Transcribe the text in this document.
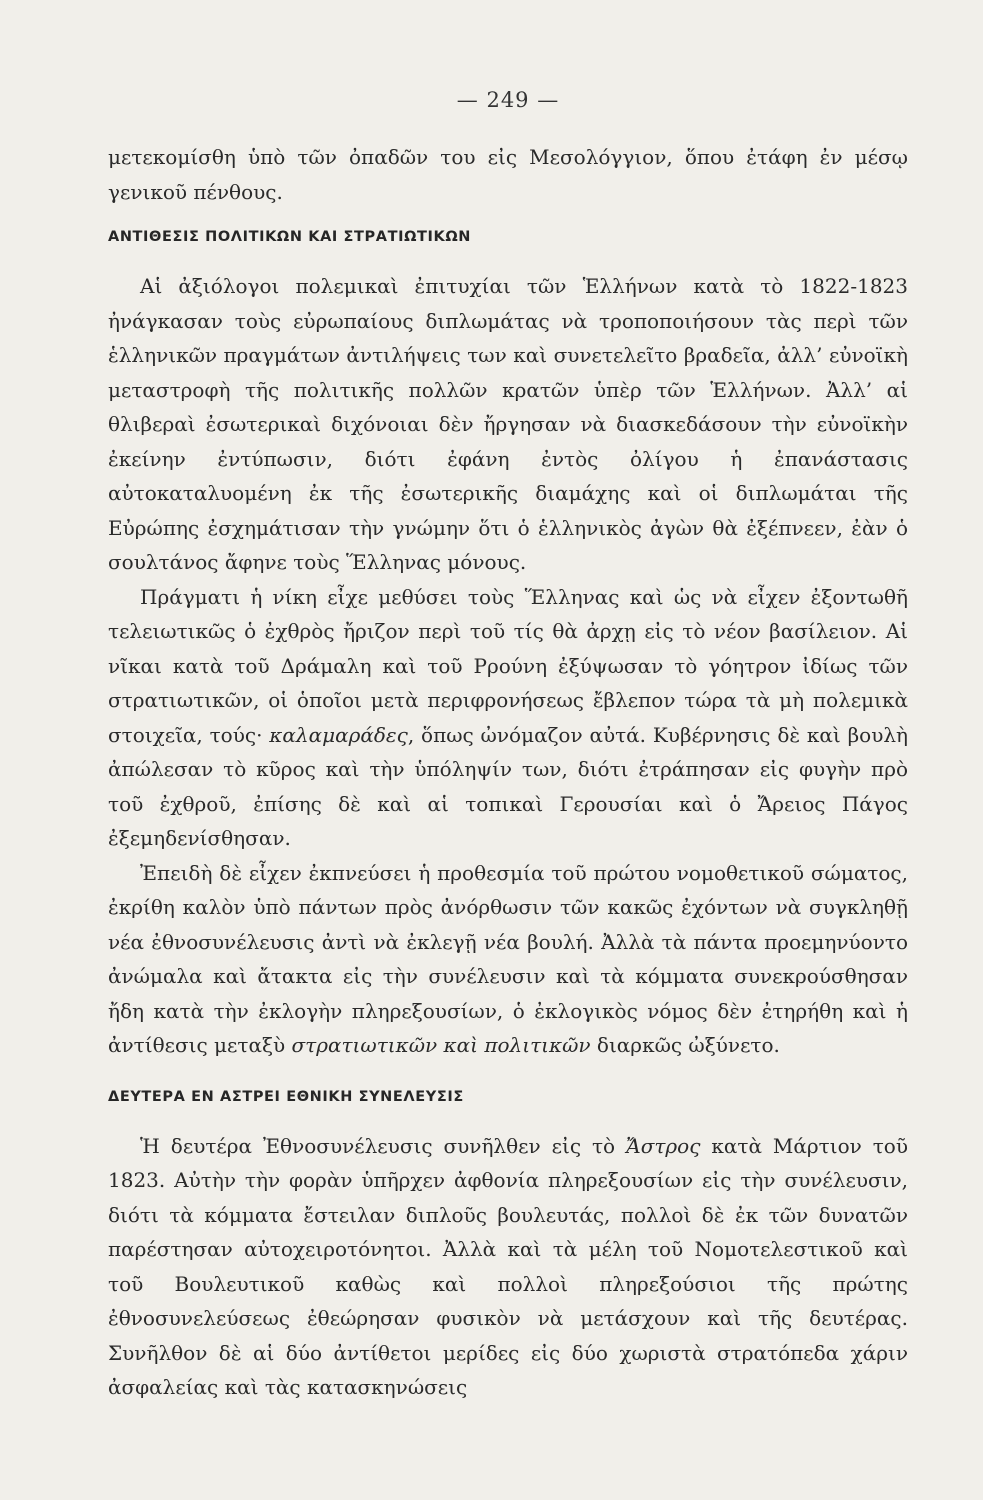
— 249 —

μετεκομίσθη ὑπὸ τῶν ὀπαδῶν του εἰς Μεσολόγγιον, ὅπου ἐτάφη ἐν μέσῳ γενικοῦ πένθους.

ΑΝΤΙΘΕΣΙΣ ΠΟΛΙΤΙΚΩΝ ΚΑΙ ΣΤΡΑΤΙΩΤΙΚΩΝ

Αἱ ἀξιόλογοι πολεμικαὶ ἐπιτυχίαι τῶν Ἑλλήνων κατὰ τὸ 1822-1823 ἠνάγκασαν τοὺς εὐρωπαίους διπλωμάτας νὰ τροποποιήσουν τὰς περὶ τῶν ἑλληνικῶν πραγμάτων ἀντιλήψεις των καὶ συνετελεῖτο βραδεῖα, ἀλλ’ εὐνοϊκὴ μεταστροφὴ τῆς πολιτικῆς πολλῶν κρατῶν ὑπὲρ τῶν Ἑλλήνων. Ἀλλ’ αἱ θλιβεραὶ ἐσωτερικαὶ διχόνοιαι δὲν ἤργησαν νὰ διασκεδάσουν τὴν εὐνοϊκὴν ἐκείνην ἐντύπωσιν, διότι ἐφάνη ἐντὸς ὀλίγου ἡ ἐπανάστασις αὐτοκαταλυομένη ἐκ τῆς ἐσωτερικῆς διαμάχης καὶ οἱ διπλωμάται τῆς Εὐρώπης ἐσχημάτισαν τὴν γνώμην ὅτι ὁ ἑλληνικὸς ἀγὼν θὰ ἐξέπνεεν, ἐὰν ὁ σουλτάνος ἄφηνε τοὺς Ἕλληνας μόνους.

Πράγματι ἡ νίκη εἶχε μεθύσει τοὺς Ἕλληνας καὶ ὡς νὰ εἶχεν ἐξοντωθῆ τελειωτικῶς ὁ ἐχθρὸς ἤριζον περὶ τοῦ τίς θὰ ἀρχῃ εἰς τὸ νέον βασίλειον. Αἱ νῖκαι κατὰ τοῦ Δράμαλη καὶ τοῦ Ρρούνη ἐξύψωσαν τὸ γόητρον ἰδίως τῶν στρατιωτικῶν, οἱ ὁποῖοι μετὰ περιφρονήσεως ἔβλεπον τώρα τὰ μὴ πολεμικὰ στοιχεῖα, τούς· καλαμαράδες, ὅπως ὠνόμαζον αὐτά. Κυβέρνησις δὲ καὶ βουλὴ ἀπώλεσαν τὸ κῦρος καὶ τὴν ὑπόληψίν των, διότι ἐτράπησαν εἰς φυγὴν πρὸ τοῦ ἐχθροῦ, ἐπίσης δὲ καὶ αἱ τοπικαὶ Γερουσίαι καὶ ὁ Ἄρειος Πάγος ἐξεμηδενίσθησαν.

Ἐπειδὴ δὲ εἶχεν ἐκπνεύσει ἡ προθεσμία τοῦ πρώτου νομοθετικοῦ σώματος, ἐκρίθη καλὸν ὑπὸ πάντων πρὸς ἀνόρθωσιν τῶν κακῶς ἐχόντων νὰ συγκληθῇ νέα ἐθνοσυνέλευσις ἀντὶ νὰ ἐκλεγῇ νέα βουλή. Ἀλλὰ τὰ πάντα προεμηνύοντο ἀνώμαλα καὶ ἄτακτα εἰς τὴν συνέλευσιν καὶ τὰ κόμματα συνεκρούσθησαν ἤδη κατὰ τὴν ἐκλογὴν πληρεξουσίων, ὁ ἐκλογικὸς νόμος δὲν ἐτηρήθη καὶ ἡ ἀντίθεσις μεταξὺ στρατιωτικῶν καὶ πολιτικῶν διαρκῶς ὠξύνετο.

ΔΕΥΤΕΡΑ ΕΝ ΑΣΤΡΕΙ ΕΘΝΙΚΗ ΣΥΝΕΛΕΥΣΙΣ

Ἡ δευτέρα Ἐθνοσυνέλευσις συνῆλθεν εἰς τὸ Ἄστρος κατὰ Μάρτιον τοῦ 1823. Αὐτὴν τὴν φορὰν ὑπῆρχεν ἀφθονία πληρεξουσίων εἰς τὴν συνέλευσιν, διότι τὰ κόμματα ἔστειλαν διπλοῦς βουλευτάς, πολλοὶ δὲ ἐκ τῶν δυνατῶν παρέστησαν αὐτοχειροτόνητοι. Ἀλλὰ καὶ τὰ μέλη τοῦ Νομοτελεστικοῦ καὶ τοῦ Βουλευτικοῦ καθὼς καὶ πολλοὶ πληρεξούσιοι τῆς πρώτης ἐθνοσυνελεύσεως ἐθεώρησαν φυσικὸν νὰ μετάσχουν καὶ τῆς δευτέρας. Συνῆλθον δὲ αἱ δύο ἀντίθετοι μερίδες εἰς δύο χωριστὰ στρατόπεδα χάριν ἀσφαλείας καὶ τὰς κατασκηνώσεις
